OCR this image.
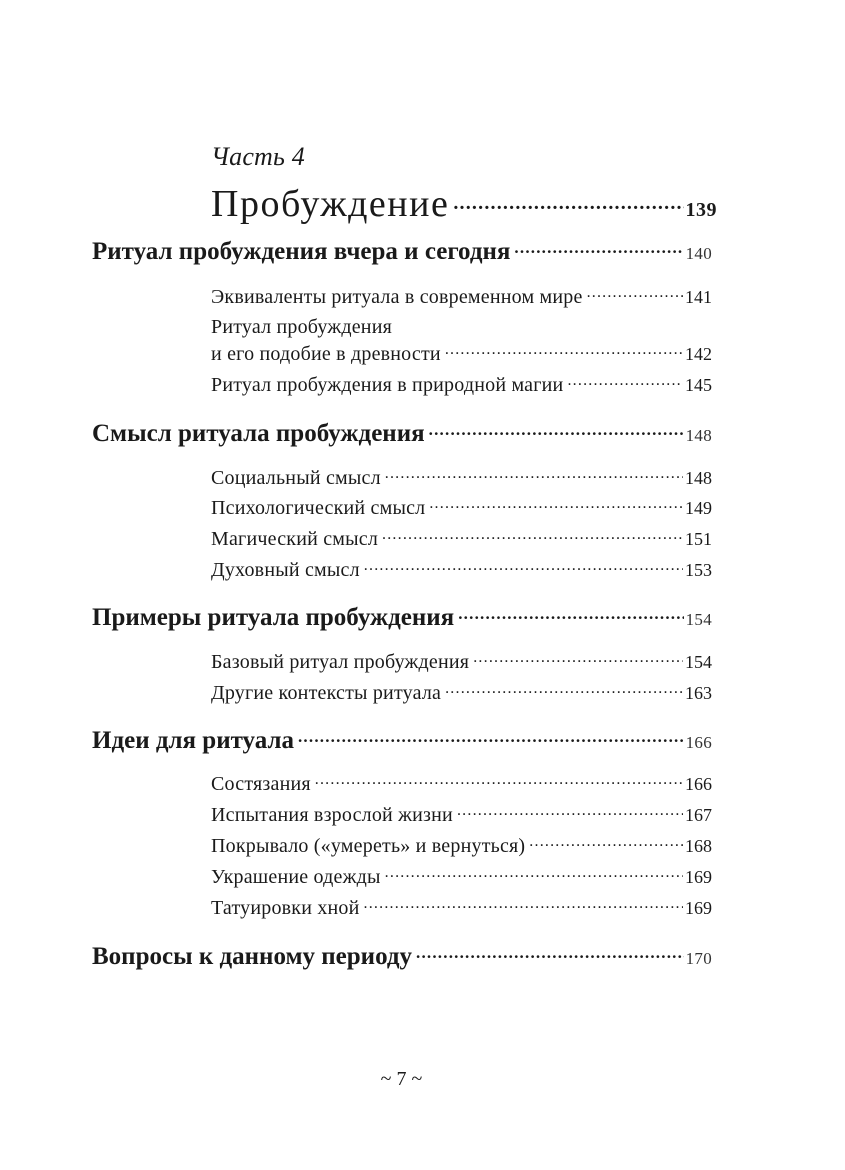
Часть 4
Пробуждение .....	139
Ритуал пробуждения вчера и сегодня .....	140
Эквиваленты ритуала в современном мире .....	141
Ритуал пробуждения
и его подобие в древности .....	142
Ритуал пробуждения в природной магии .....	145
Смысл ритуала пробуждения .....	148
Социальный смысл .....	148
Психологический смысл .....	149
Магический смысл .....	151
Духовный смысл .....	153
Примеры ритуала пробуждения .....	154
Базовый ритуал пробуждения .....	154
Другие контексты ритуала .....	163
Идеи для ритуала .....	166
Состязания .....	166
Испытания взрослой жизни .....	167
Покрывало («умереть» и вернуться) .....	168
Украшение одежды .....	169
Татуировки хной .....	169
Вопросы к данному периоду .....	170
~ 7 ~
